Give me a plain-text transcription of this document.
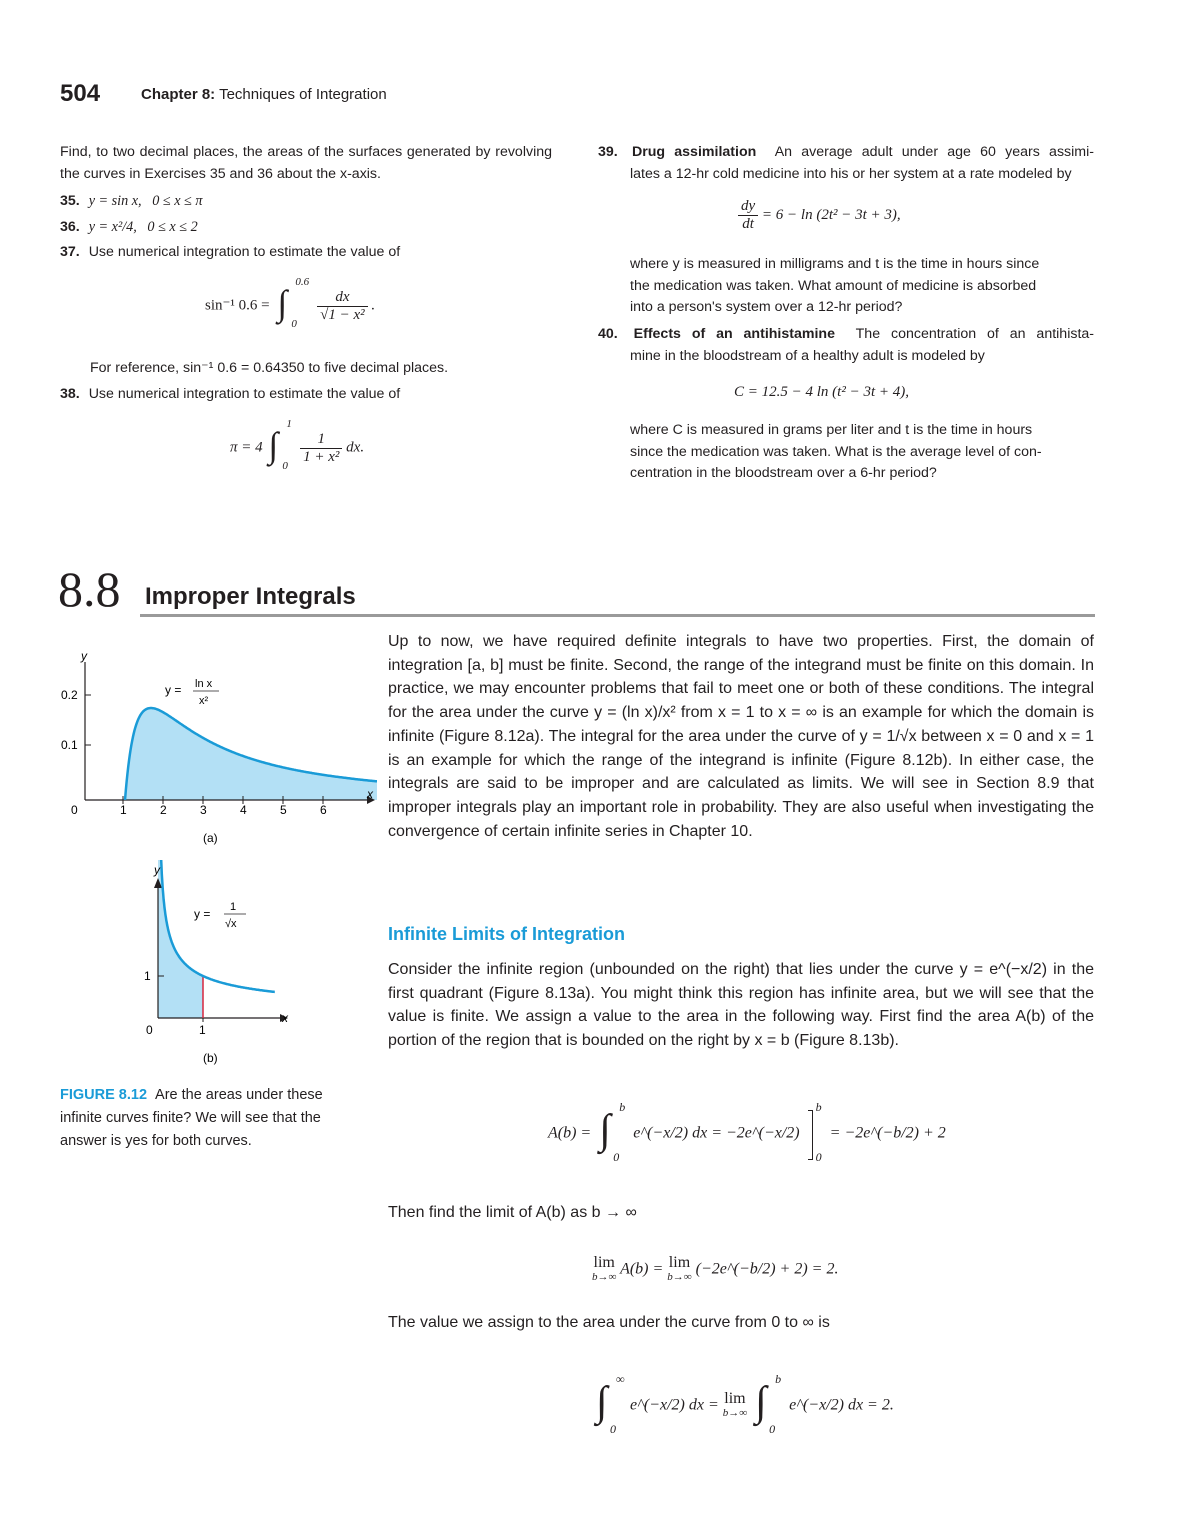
504	Chapter 8: Techniques of Integration
Find, to two decimal places, the areas of the surfaces generated by revolving the curves in Exercises 35 and 36 about the x-axis.
35. y = sin x,   0 ≤ x ≤ π
36. y = x²/4,   0 ≤ x ≤ 2
37. Use numerical integration to estimate the value of
sin⁻¹ 0.6 = ∫
0.6
0

$\frac{dx}{\text{√1 − x²}}$ .
For reference, sin⁻¹ 0.6 = 0.64350 to five decimal places.
38. Use numerical integration to estimate the value of
π = 4 ∫
1
0

$\frac{1}{\text{1 + x²}}$ dx.
39. Drug assimilation An average adult under age 60 years assimi-
lates a 12-hr cold medicine into his or her system at a rate modeled by
$\frac{dy}{dt} = 6 - \ln (2t^2 - 3t + 3)$,
where y is measured in milligrams and t is the time in hours since
the medication was taken. What amount of medicine is absorbed
into a person's system over a 12-hr period?
40. Effects of an antihistamine The concentration of an antihista-
mine in the bloodstream of a healthy adult is modeled by
C = 12.5 − 4 ln (t² − 3t + 4),
where C is measured in grams per liter and t is the time in hours
since the medication was taken. What is the average level of con-
centration in the bloodstream over a 6-hr period?
8.8 Improper Integrals
y
x
0.2
0.1
0	1	2	3	4	5	6
y = ln x
x²
(a)
y
x
1
0	1
y = 1
√x
(b)
FIGURE 8.12 Are the areas under these infinite curves finite? We will see that the answer is yes for both curves.
Up to now, we have required definite integrals to have two properties. First, the domain of integration [a, b] must be finite. Second, the range of the integrand must be finite on this domain. In practice, we may encounter problems that fail to meet one or both of these conditions. The integral for the area under the curve y = (ln x)/x² from x = 1 to x = ∞ is an example for which the domain is infinite (Figure 8.12a). The integral for the area under the curve of y = 1/√x between x = 0 and x = 1 is an example for which the range of the integrand is infinite (Figure 8.12b). In either case, the integrals are said to be improper and are calculated as limits. We will see in Section 8.9 that improper integrals play an important role in probability. They are also useful when investigating the convergence of certain infinite series in Chapter 10.
Infinite Limits of Integration
Consider the infinite region (unbounded on the right) that lies under the curve y = e^(−x/2) in the first quadrant (Figure 8.13a). You might think this region has infinite area, but we will see that the value is finite. We assign a value to the area in the following way. First find the area A(b) of the portion of the region that is bounded on the right by x = b (Figure 8.13b).
A(b) = ∫ b
0
e^(−x/2) dx = −2e^(−x/2)
b
0
= −2e^(−b/2) + 2
Then find the limit of A(b) as b → ∞
lim
b→∞ A(b) = lim
b→∞ (−2e^(−b/2) + 2) = 2.
The value we assign to the area under the curve from 0 to ∞ is
∫ ∞
0
e^(−x/2) dx = lim
b→∞
∫ b
0
e^(−x/2) dx = 2.
